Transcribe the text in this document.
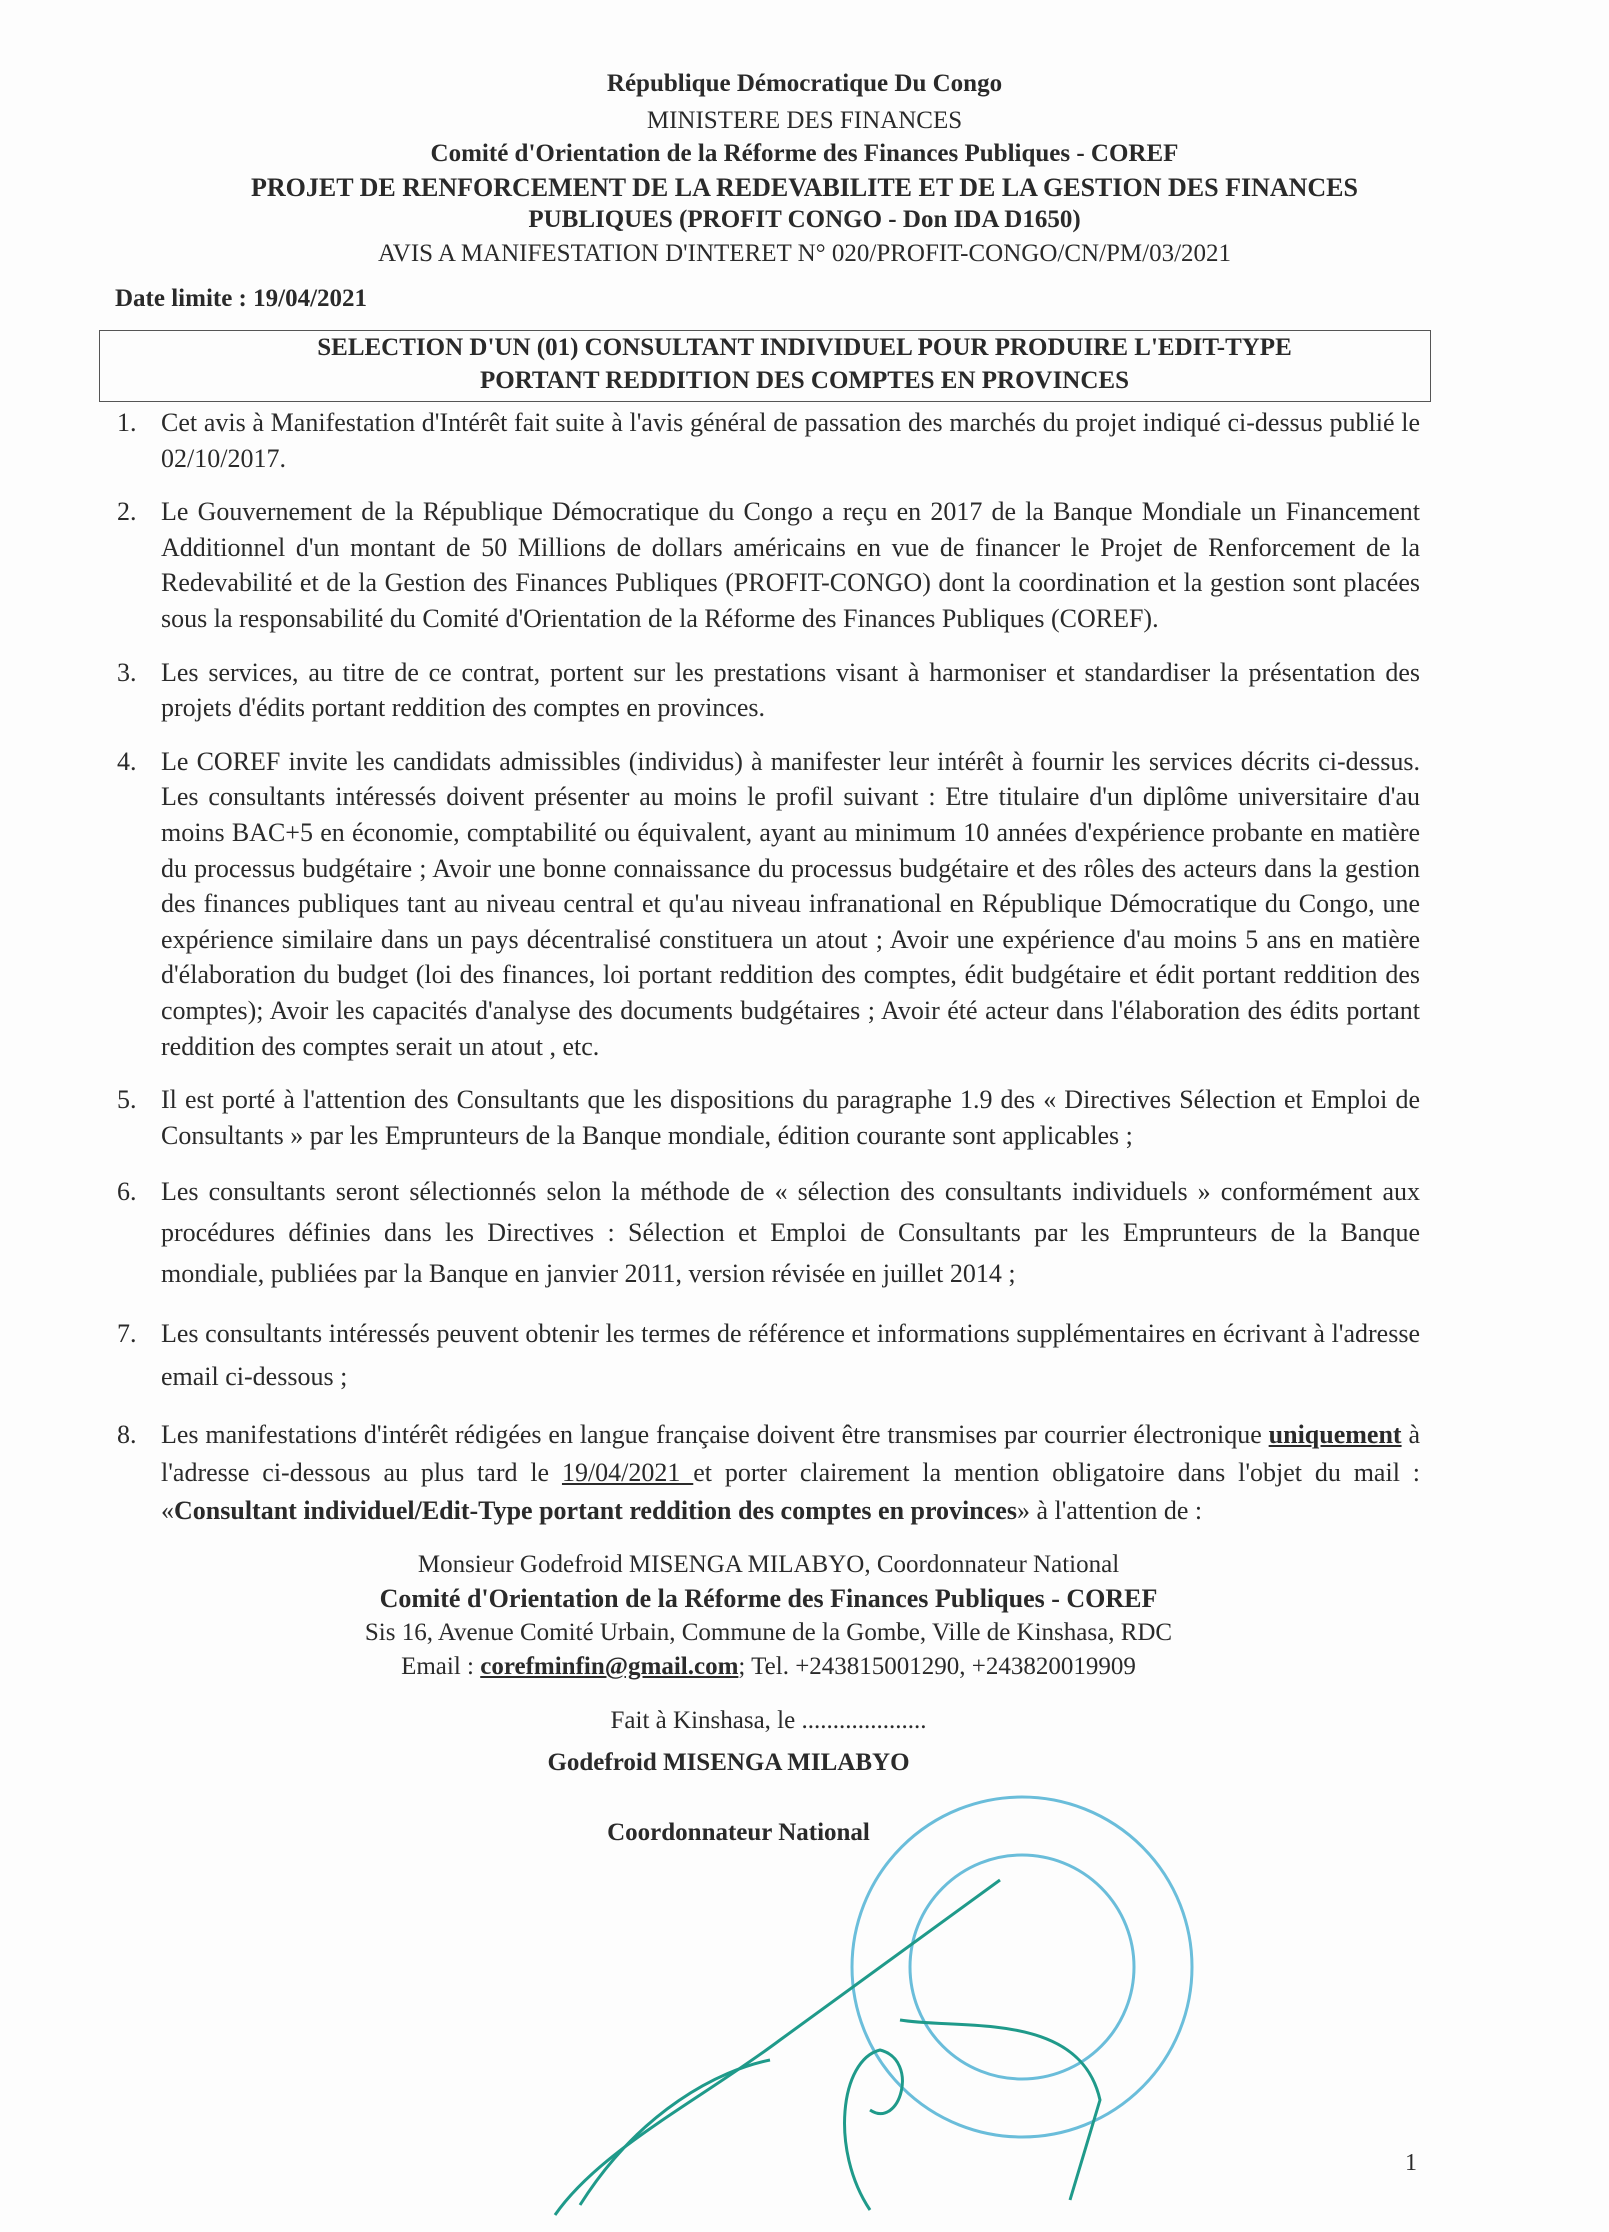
République Démocratique Du Congo
MINISTERE DES FINANCES
Comité d'Orientation de la Réforme des Finances Publiques - COREF
PROJET DE RENFORCEMENT DE LA REDEVABILITE ET DE LA GESTION DES FINANCES
PUBLIQUES (PROFIT CONGO - Don IDA D1650)
AVIS A MANIFESTATION D'INTERET N° 020/PROFIT-CONGO/CN/PM/03/2021
Date limite : 19/04/2021
SELECTION D'UN (01) CONSULTANT INDIVIDUEL POUR PRODUIRE L'EDIT-TYPE
PORTANT REDDITION DES COMPTES EN PROVINCES
1. Cet avis à Manifestation d'Intérêt fait suite à l'avis général de passation des marchés du projet indiqué ci-dessus publié le 02/10/2017.
2. Le Gouvernement de la République Démocratique du Congo a reçu en 2017 de la Banque Mondiale un Financement Additionnel d'un montant de 50 Millions de dollars américains en vue de financer le Projet de Renforcement de la Redevabilité et de la Gestion des Finances Publiques (PROFIT-CONGO) dont la coordination et la gestion sont placées sous la responsabilité du Comité d'Orientation de la Réforme des Finances Publiques (COREF).
3. Les services, au titre de ce contrat, portent sur les prestations visant à harmoniser et standardiser la présentation des projets d'édits portant reddition des comptes en provinces.
4. Le COREF invite les candidats admissibles (individus) à manifester leur intérêt à fournir les services décrits ci-dessus. Les consultants intéressés doivent présenter au moins le profil suivant : Etre titulaire d'un diplôme universitaire d'au moins BAC+5 en économie, comptabilité ou équivalent, ayant au minimum 10 années d'expérience probante en matière du processus budgétaire ; Avoir une bonne connaissance du processus budgétaire et des rôles des acteurs dans la gestion des finances publiques tant au niveau central et qu'au niveau infranational en République Démocratique du Congo, une expérience similaire dans un pays décentralisé constituera un atout ; Avoir une expérience d'au moins 5 ans en matière d'élaboration du budget (loi des finances, loi portant reddition des comptes, édit budgétaire et édit portant reddition des comptes); Avoir les capacités d'analyse des documents budgétaires ; Avoir été acteur dans l'élaboration des édits portant reddition des comptes serait un atout , etc.
5. Il est porté à l'attention des Consultants que les dispositions du paragraphe 1.9 des « Directives Sélection et Emploi de Consultants » par les Emprunteurs de la Banque mondiale, édition courante sont applicables ;
6. Les consultants seront sélectionnés selon la méthode de « sélection des consultants individuels » conformément aux procédures définies dans les Directives : Sélection et Emploi de Consultants par les Emprunteurs de la Banque mondiale, publiées par la Banque en janvier 2011, version révisée en juillet 2014 ;
7. Les consultants intéressés peuvent obtenir les termes de référence et informations supplémentaires en écrivant à l'adresse email ci-dessous ;
8. Les manifestations d'intérêt rédigées en langue française doivent être transmises par courrier électronique uniquement à l'adresse ci-dessous au plus tard le 19/04/2021 et porter clairement la mention obligatoire dans l'objet du mail : «Consultant individuel/Edit-Type portant reddition des comptes en provinces» à l'attention de :
Monsieur Godefroid MISENGA MILABYO, Coordonnateur National
Comité d'Orientation de la Réforme des Finances Publiques - COREF
Sis 16, Avenue Comité Urbain, Commune de la Gombe, Ville de Kinshasa, RDC
Email : corefminfin@gmail.com; Tel. +243815001290, +243820019909
Fait à Kinshasa, le ....................
Godefroid MISENGA MILABYO
Coordonnateur National
1
